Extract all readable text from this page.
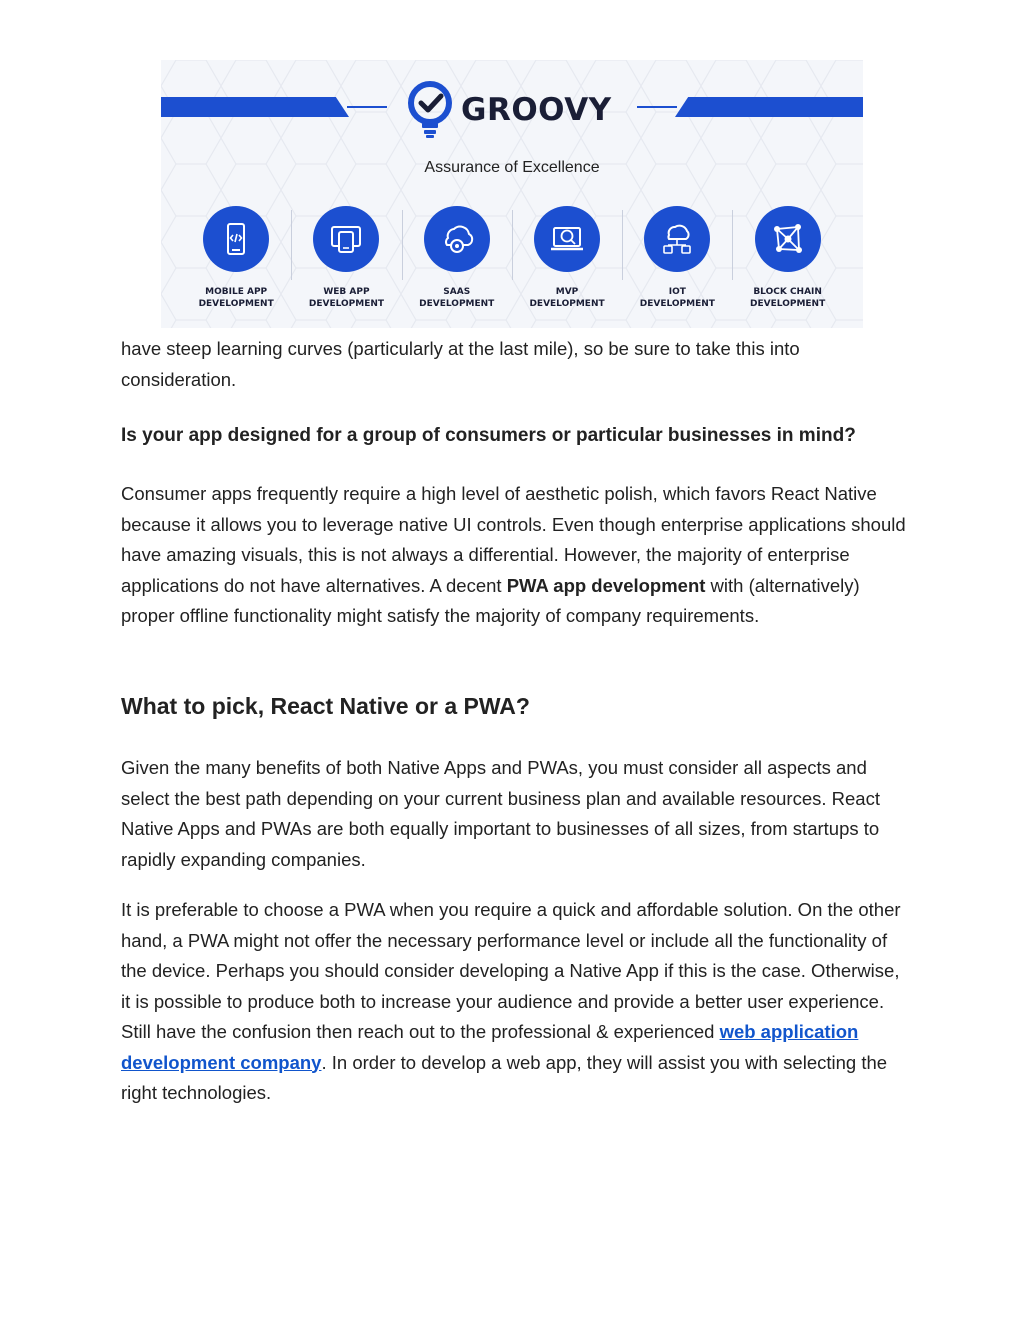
GROOVY
Assurance of Excellence
MOBILE APP
DEVELOPMENT
WEB APP
DEVELOPMENT
SAAS
DEVELOPMENT
MVP
DEVELOPMENT
IOT
DEVELOPMENT
BLOCK CHAIN
DEVELOPMENT

have steep learning curves (particularly at the last mile), so be sure to take this into consideration.

Is your app designed for a group of consumers or particular businesses in mind?

Consumer apps frequently require a high level of aesthetic polish, which favors React Native because it allows you to leverage native UI controls. Even though enterprise applications should have amazing visuals, this is not always a differential. However, the majority of enterprise applications do not have alternatives. A decent PWA app development with (alternatively) proper offline functionality might satisfy the majority of company requirements.

What to pick, React Native or a PWA?

Given the many benefits of both Native Apps and PWAs, you must consider all aspects and select the best path depending on your current business plan and available resources. React Native Apps and PWAs are both equally important to businesses of all sizes, from startups to rapidly expanding companies.

It is preferable to choose a PWA when you require a quick and affordable solution. On the other hand, a PWA might not offer the necessary performance level or include all the functionality of the device. Perhaps you should consider developing a Native App if this is the case. Otherwise, it is possible to produce both to increase your audience and provide a better user experience. Still have the confusion then reach out to the professional & experienced web application development company. In order to develop a web app, they will assist you with selecting the right technologies.
